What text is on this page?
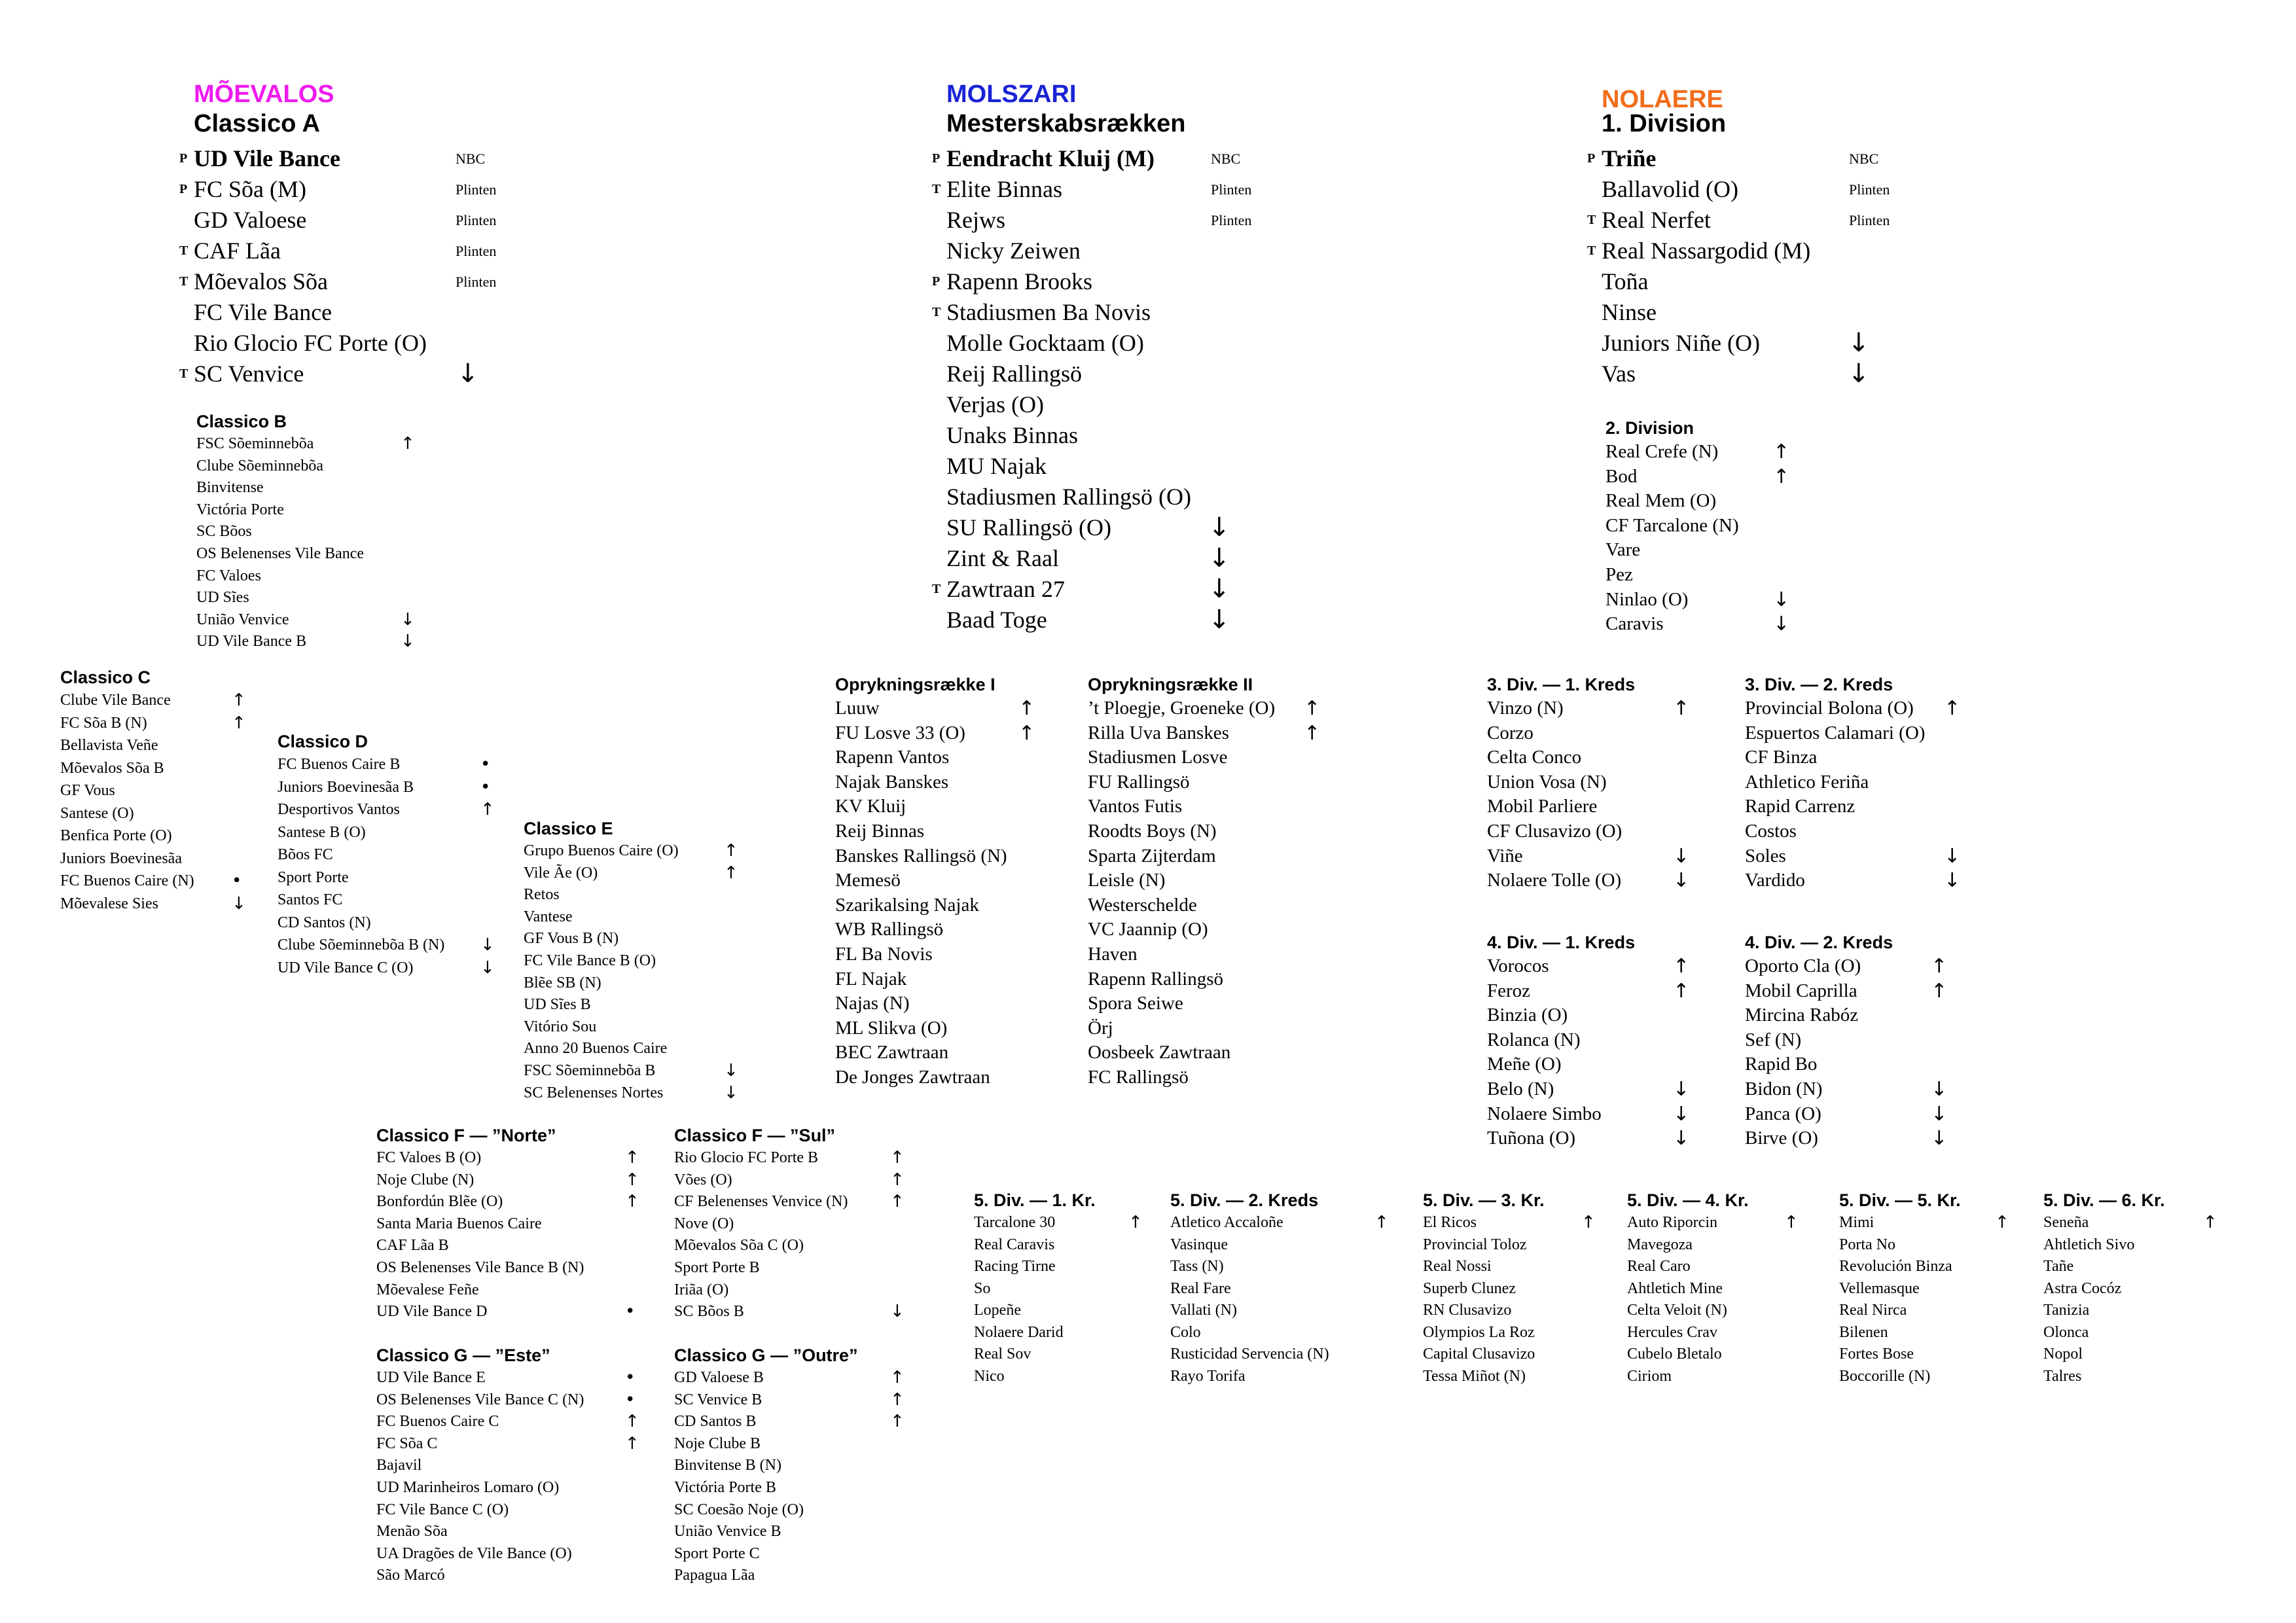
MÕEVALOS
Classico A
P UD Vile Bance	NBC
P FC Sõa (M)	Plinten
GD Valoese	Plinten
T CAF Lãa	Plinten
T Mõevalos Sõa	Plinten
FC Vile Bance
Rio Glocio FC Porte (O)
T SC Venvice	↓
Classico B
FSC Sõeminnebõa	↑
Clube Sõeminnebõa
Binvitense
Victória Porte
SC Bõos
OS Belenenses Vile Bance
FC Valoes
UD Sĩes
União Venvice	↓
UD Vile Bance B	↓
Classico C
Clube Vile Bance	↑
FC Sõa B (N)	↑
Bellavista Veñe
Mõevalos Sõa B
GF Vous
Santese (O)
Benfica Porte (O)
Juniors Boevinesãa
FC Buenos Caire (N) •
Mõevalese Sies	↓
Classico D
FC Buenos Caire B	•
Juniors Boevinesãa B	•
Desportivos Vantos	↑
Santese B (O)
Bõos FC
Sport Porte
Santos FC
CD Santos (N)
Clube Sõeminnebõa B (N) ↓
UD Vile Bance C (O)	↓
Classico E
Grupo Buenos Caire (O)	↑
Vile Ãe (O)	↑
Retos
Vantese
GF Vous B (N)
FC Vile Bance B (O)
Blẽe SB (N)
UD Sĩes B
Vitório Sou
Anno 20 Buenos Caire
FSC Sõeminnebõa B	↓
SC Belenenses Nortes	↓
Classico F — ”Norte”
FC Valoes B (O)	↑
Noje Clube (N)	↑
Bonfordún Blẽe (O)	↑
Santa Maria Buenos Caire
CAF Lãa B
OS Belenenses Vile Bance B (N)
Mõevalese Feñe
UD Vile Bance D	•
Classico F — ”Sul”
Rio Glocio FC Porte B	↑
Vões (O)	↑
CF Belenenses Venvice (N) ↑
Nove (O)
Mõevalos Sõa C (O)
Sport Porte B
Iriãa (O)
SC Bõos B	↓
Classico G — ”Este”
UD Vile Bance E	•
OS Belenenses Vile Bance C (N) •
FC Buenos Caire C	↑
FC Sõa C	↑
Bajavil
UD Marinheiros Lomaro (O)
FC Vile Bance C (O)
Menão Sõa
UA Dragões de Vile Bance (O)
São Marcó
Classico G — ”Outre”
GD Valoese B	↑
SC Venvice B	↑
CD Santos B	↑
Noje Clube B
Binvitense B (N)
Victória Porte B
SC Coesão Noje (O)
União Venvice B
Sport Porte C
Papagua Lãa
MOLSZARI
Mesterskabsrækken
P Eendracht Kluij (M)	NBC
T Elite Binnas	Plinten
Rejws	Plinten
Nicky Zeiwen
P Rapenn Brooks
T Stadiusmen Ba Novis
Molle Gocktaam (O)
Reij Rallingsö
Verjas (O)
Unaks Binnas
MU Najak
Stadiusmen Rallingsö (O)
SU Rallingsö (O)	↓
Zint & Raal	↓
T Zawtraan 27	↓
Baad Toge	↓
Oprykningsrække I
Luuw	↑
FU Losve 33 (O)	↑
Rapenn Vantos
Najak Banskes
KV Kluij
Reij Binnas
Banskes Rallingsö (N)
Memesö
Szarikalsing Najak
WB Rallingsö
FL Ba Novis
FL Najak
Najas (N)
ML Slikva (O)
BEC Zawtraan
De Jonges Zawtraan
Oprykningsrække II
’t Ploegje, Groeneke (O) ↑
Rilla Uva Banskes	↑
Stadiusmen Losve
FU Rallingsö
Vantos Futis
Roodts Boys (N)
Sparta Zijterdam
Leisle (N)
Westerschelde
VC Jaannip (O)
Haven
Rapenn Rallingsö
Spora Seiwe
Örj
Oosbeek Zawtraan
FC Rallingsö
NOLAERE
1. Division
P Triñe	NBC
Ballavolid (O)	Plinten
T Real Nerfet	Plinten
T Real Nassargodid (M)
Toña
Ninse
Juniors Niñe (O)	↓
Vas	↓
2. Division
Real Crefe (N)	↑
Bod	↑
Real Mem (O)
CF Tarcalone (N)
Vare
Pez
Ninlao (O)	↓
Caravis	↓
3. Div. — 1. Kreds
Vinzo (N)	↑
Corzo
Celta Conco
Union Vosa (N)
Mobil Parliere
CF Clusavizo (O)
Viñe	↓
Nolaere Tolle (O)	↓
3. Div. — 2. Kreds
Provincial Bolona (O) ↑
Espuertos Calamari (O)
CF Binza
Athletico Feriña
Rapid Carrenz
Costos
Soles	↓
Vardido	↓
4. Div. — 1. Kreds
Vorocos	↑
Feroz	↑
Binzia (O)
Rolanca (N)
Meñe (O)
Belo (N)	↓
Nolaere Simbo	↓
Tuñona (O)	↓
4. Div. — 2. Kreds
Oporto Cla (O)	↑
Mobil Caprilla	↑
Mircina Rabóz
Sef (N)
Rapid Bo
Bidon (N)	↓
Panca (O)	↓
Birve (O)	↓
5. Div. — 1. Kr.
Tarcalone 30	↑
Real Caravis
Racing Tirne
So
Lopeñe
Nolaere Darid
Real Sov
Nico
5. Div. — 2. Kreds
Atletico Accaloñe	↑
Vasinque
Tass (N)
Real Fare
Vallati (N)
Colo
Rusticidad Servencia (N)
Rayo Torifa
5. Div. — 3. Kr.
El Ricos	↑
Provincial Toloz
Real Nossi
Superb Clunez
RN Clusavizo
Olympios La Roz
Capital Clusavizo
Tessa Miñot (N)
5. Div. — 4. Kr.
Auto Riporcin	↑
Mavegoza
Real Caro
Ahtletich Mine
Celta Veloit (N)
Hercules Crav
Cubelo Bletalo
Ciriom
5. Div. — 5. Kr.
Mimi	↑
Porta No
Revolución Binza
Vellemasque
Real Nirca
Bilenen
Fortes Bose
Boccorille (N)
5. Div. — 6. Kr.
Seneña	↑
Ahtletich Sivo
Tañe
Astra Cocóz
Tanizia
Olonca
Nopol
Talres
